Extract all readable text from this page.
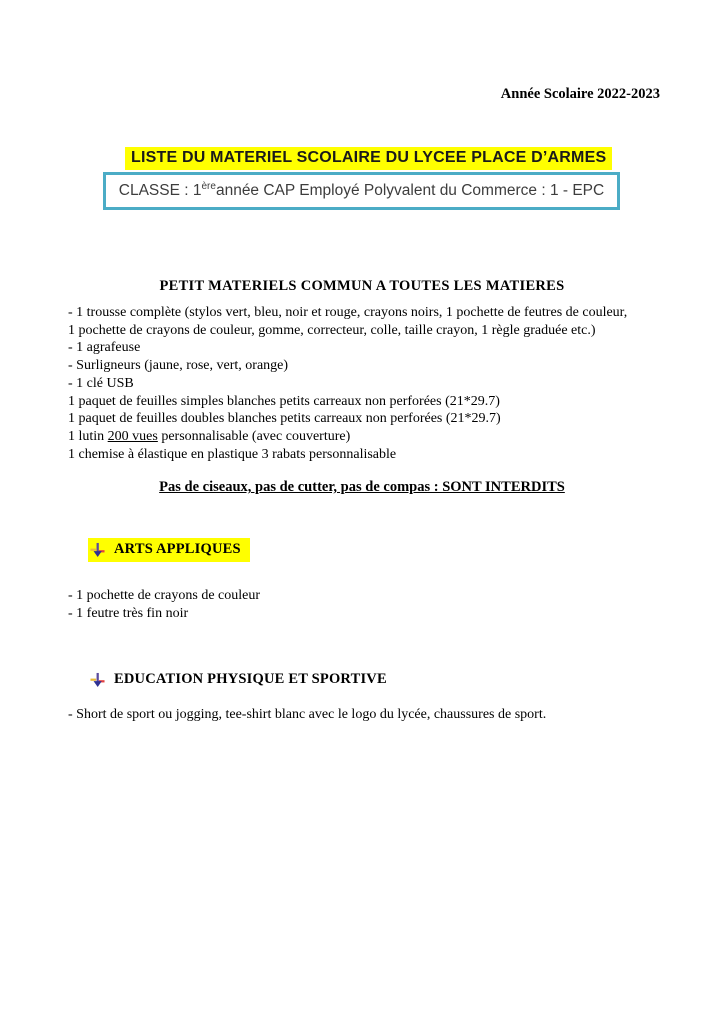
Année Scolaire 2022-2023
LISTE DU MATERIEL SCOLAIRE DU LYCEE PLACE D’ARMES
CLASSE : 1èreannée CAP Employé Polyvalent du Commerce : 1 - EPC
PETIT MATERIELS COMMUN A TOUTES LES MATIERES
- 1 trousse complète (stylos vert, bleu, noir et rouge, crayons noirs, 1 pochette de feutres de couleur,
1 pochette de crayons de couleur, gomme, correcteur, colle, taille crayon, 1 règle graduée etc.)
- 1 agrafeuse
- Surligneurs (jaune, rose, vert, orange)
- 1 clé USB
1 paquet de feuilles simples blanches petits carreaux non perforées (21*29.7)
1 paquet de feuilles doubles blanches petits carreaux non perforées (21*29.7)
1 lutin 200 vues personnalisable (avec couverture)
1 chemise à élastique en plastique 3 rabats personnalisable
Pas de ciseaux, pas de cutter, pas de compas : SONT INTERDITS
ARTS APPLIQUES
- 1 pochette de crayons de couleur
- 1 feutre très fin noir
EDUCATION PHYSIQUE ET SPORTIVE
- Short de sport ou jogging, tee-shirt blanc avec le logo du lycée, chaussures de sport.
